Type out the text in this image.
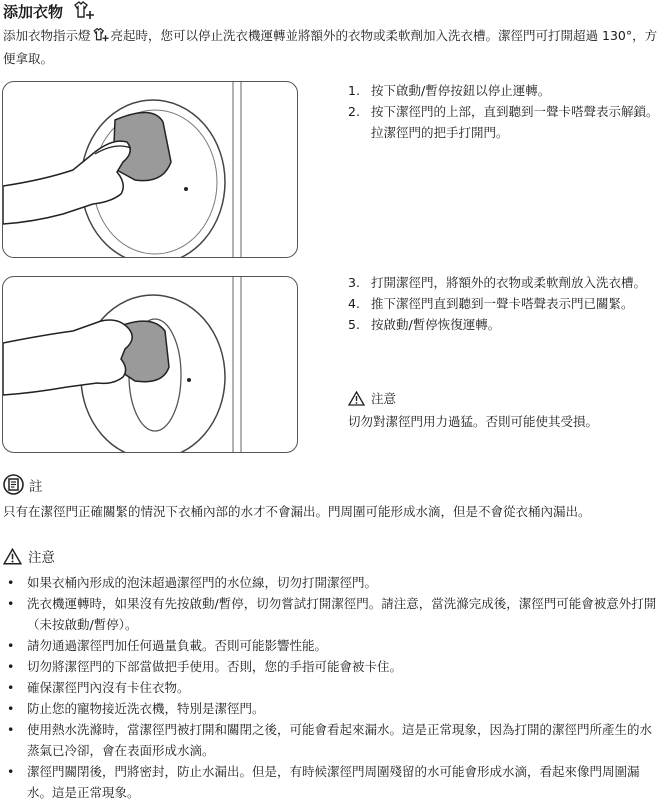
添加衣物
添加衣物指示燈 亮起時，您可以停止洗衣機運轉並將額外的衣物或柔軟劑加入洗衣槽。潔徑門可打開超過 130°，方便拿取。

1. 按下啟動/暫停按鈕以停止運轉。

2. 按下潔徑門的上部，直到聽到一聲卡嗒聲表示解鎖。拉潔徑門的把手打開門。

3. 打開潔徑門，將額外的衣物或柔軟劑放入洗衣槽。

4. 推下潔徑門直到聽到一聲卡嗒聲表示門已關緊。

5. 按啟動/暫停恢復運轉。

注意
切勿對潔徑門用力過猛。否則可能使其受損。
註
只有在潔徑門正確關緊的情況下衣桶內部的水才不會漏出。門周圍可能形成水滴，但是不會從衣桶內漏出。
注意
• 如果衣桶內形成的泡沫超過潔徑門的水位線，切勿打開潔徑門。
• 洗衣機運轉時，如果沒有先按啟動/暫停，切勿嘗試打開潔徑門。請注意，當洗滌完成後，潔徑門可能會被意外打開（未按啟動/暫停）。
• 請勿通過潔徑門加任何過量負載。否則可能影響性能。
• 切勿將潔徑門的下部當做把手使用。否則，您的手指可能會被卡住。
• 確保潔徑門內沒有卡住衣物。
• 防止您的寵物接近洗衣機，特別是潔徑門。
• 使用熱水洗滌時，當潔徑門被打開和關閉之後，可能會看起來漏水。這是正常現象，因為打開的潔徑門所產生的水蒸氣已冷卻，會在表面形成水滴。
• 潔徑門關閉後，門將密封，防止水漏出。但是，有時候潔徑門周圍殘留的水可能會形成水滴，看起來像門周圍漏水。這是正常現象。
